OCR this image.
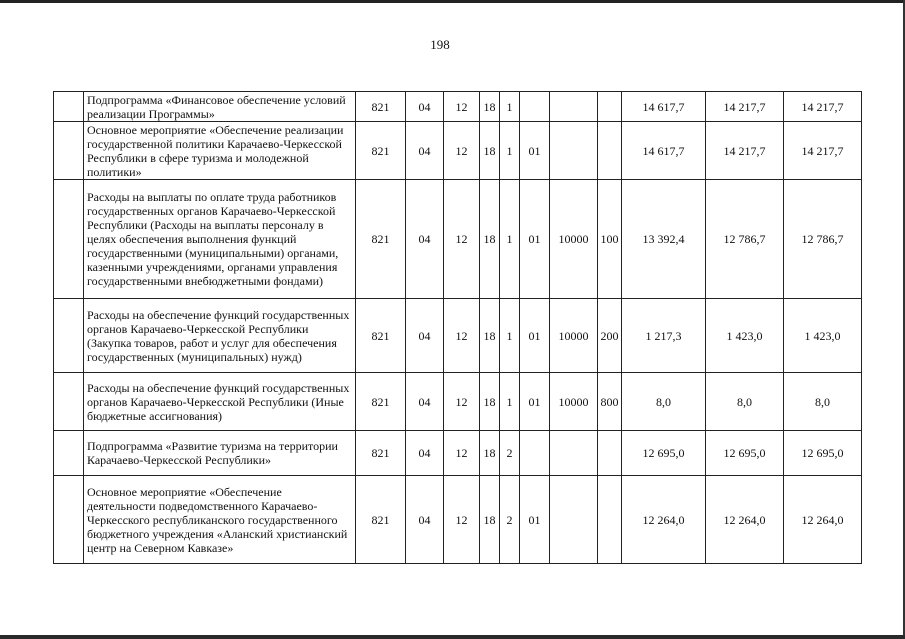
198
	Подпрограмма «Финансовое обеспечение условий реализации Программы»	821	04	12	18	1				14 617,7	14 217,7	14 217,7
	Основное мероприятие «Обеспечение реализации государственной политики Карачаево-Черкесской Республики в сфере туризма и молодежной политики»	821	04	12	18	1	01			14 617,7	14 217,7	14 217,7
	Расходы на выплаты по оплате труда работников государственных органов Карачаево-Черкесской Республики (Расходы на выплаты персоналу в целях обеспечения выполнения функций государственными (муниципальными) органами, казенными учреждениями, органами управления государственными внебюджетными фондами)	821	04	12	18	1	01	10000	100	13 392,4	12 786,7	12 786,7
	Расходы на обеспечение функций государственных органов Карачаево-Черкесской Республики (Закупка товаров, работ и услуг для обеспечения государственных (муниципальных) нужд)	821	04	12	18	1	01	10000	200	1 217,3	1 423,0	1 423,0
	Расходы на обеспечение функций государственных органов Карачаево-Черкесской Республики (Иные бюджетные ассигнования)	821	04	12	18	1	01	10000	800	8,0	8,0	8,0
	Подпрограмма «Развитие туризма на территории Карачаево-Черкесской Республики»	821	04	12	18	2				12 695,0	12 695,0	12 695,0
	Основное мероприятие «Обеспечение деятельности подведомственного Карачаево-Черкесского республиканского государственного бюджетного учреждения «Аланский христианский центр на Северном Кавказе»	821	04	12	18	2	01			12 264,0	12 264,0	12 264,0
